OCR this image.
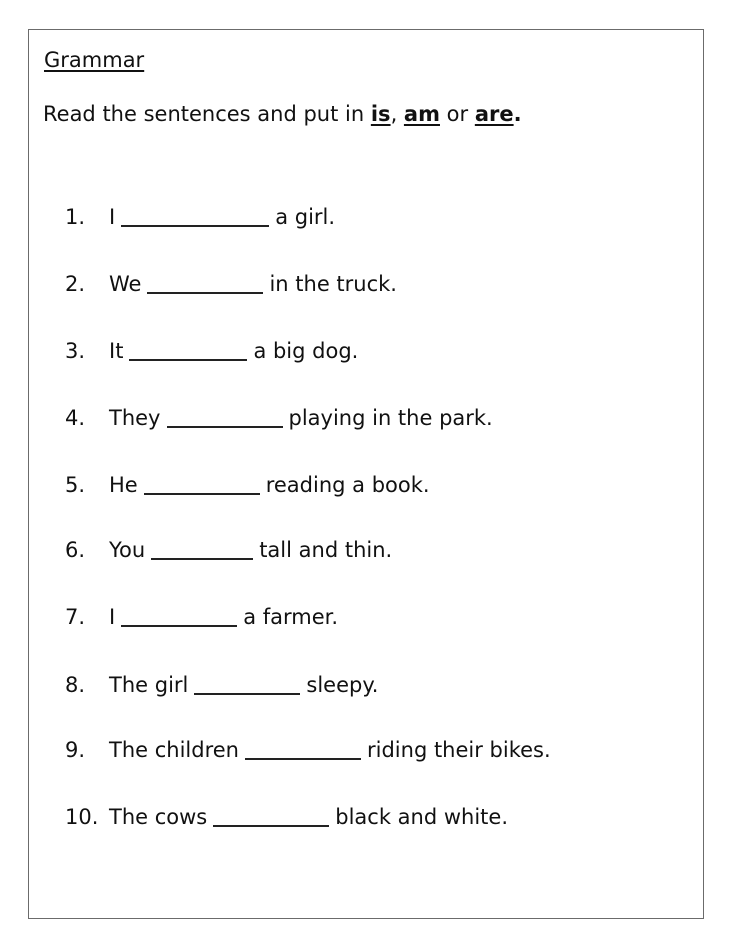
Grammar
Read the sentences and put in is, am or are.
1. I	a girl.
2. We	in the truck.
3. It	a big dog.
4. They	playing in the park.
5. He	reading a book.
6. You	tall and thin.
7. I	a farmer.
8. The girl	sleepy.
9. The children	riding their bikes.
10. The cows	black and white.
